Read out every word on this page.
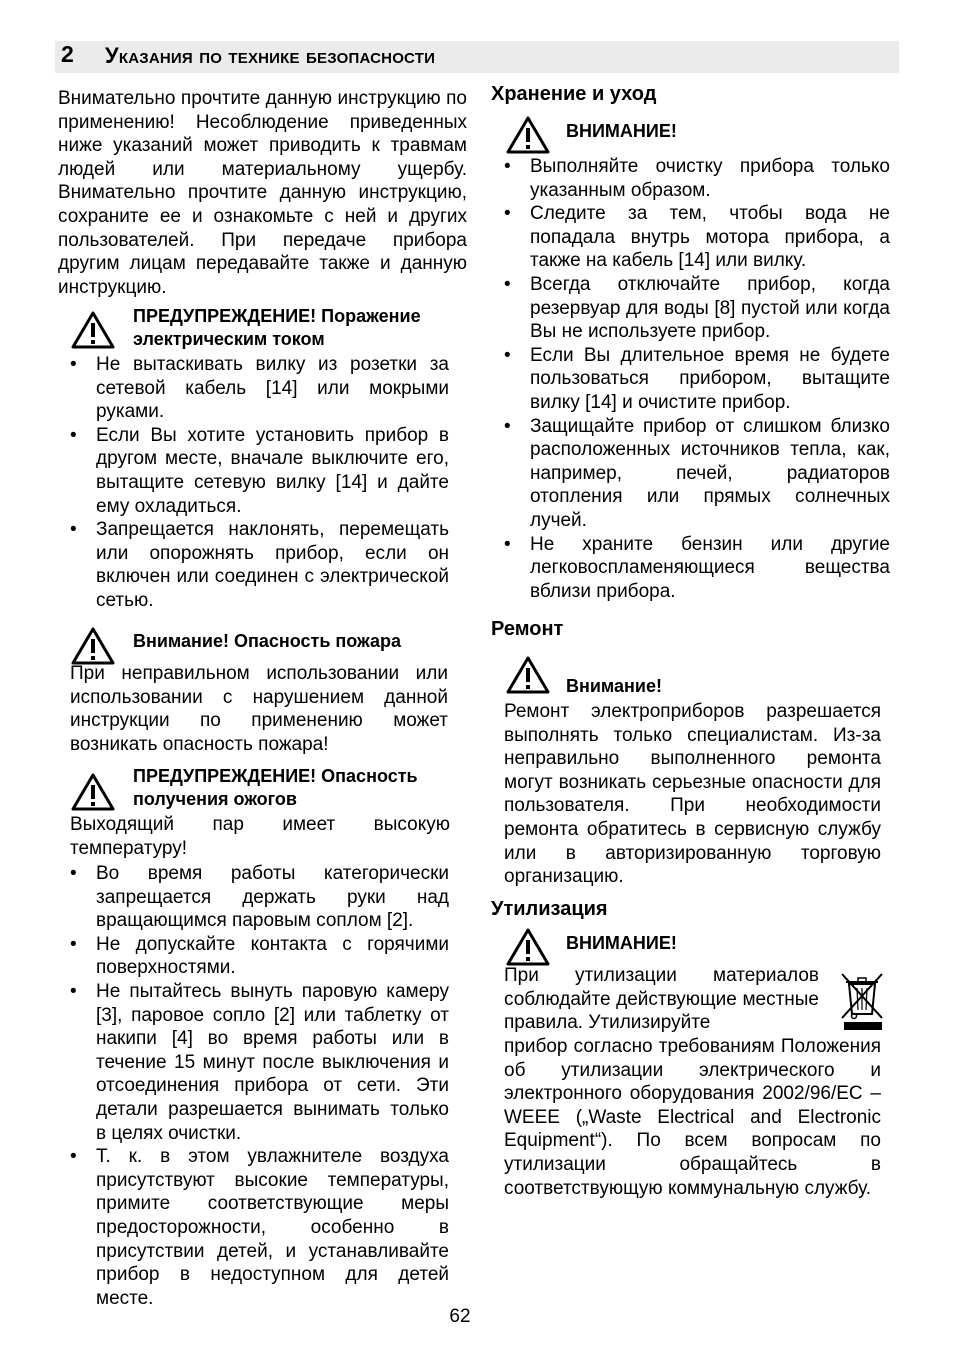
2 Указания по технике безопасности

Внимательно прочтите данную инструкцию по применению! Несоблюдение приведенных ниже указаний может приводить к травмам людей или материальному ущербу. Внимательно прочтите данную инструкцию, сохраните ее и ознакомьте с ней и других пользователей. При передаче прибора другим лицам передавайте также и данную инструкцию.

ПРЕДУПРЕЖДЕНИЕ! Поражение электрическим током
• Не вытаскивать вилку из розетки за сетевой кабель [14] или мокрыми руками.
• Если Вы хотите установить прибор в другом месте, вначале выключите его, вытащите сетевую вилку [14] и дайте ему охладиться.
• Запрещается наклонять, перемещать или опорожнять прибор, если он включен или соединен с электрической сетью.
Внимание! Опасность пожара

При неправильном использовании или использовании с нарушением данной инструкции по применению может возникать опасность пожара!

ПРЕДУПРЕЖДЕНИЕ! Опасность получения ожогов

Выходящий пар имеет высокую температуру!

• Во время работы категорически запрещается держать руки над вращающимся паровым соплом [2].
• Не допускайте контакта с горячими поверхностями.
• Не пытайтесь вынуть паровую камеру [3], паровое сопло [2] или таблетку от накипи [4] во время работы или в течение 15 минут после выключения и отсоединения прибора от сети. Эти детали разрешается вынимать только в целях очистки.
• Т. к. в этом увлажнителе воздуха присутствуют высокие температуры, примите соответствующие меры предосторожности, особенно в присутствии детей, и устанавливайте прибор в недоступном для детей месте.
Хранение и уход
ВНИМАНИЕ!
• Выполняйте очистку прибора только указанным образом.
• Следите за тем, чтобы вода не попадала внутрь мотора прибора, а также на кабель [14] или вилку.
• Всегда отключайте прибор, когда резервуар для воды [8] пустой или когда Вы не используете прибор.
• Если Вы длительное время не будете пользоваться прибором, вытащите вилку [14] и очистите прибор.
• Защищайте прибор от слишком близко расположенных источников тепла, как, например, печей, радиаторов отопления или прямых солнечных лучей.
• Не храните бензин или другие легковоспламеняющиеся вещества вблизи прибора.
Ремонт
Внимание!

Ремонт электроприборов разрешается выполнять только специалистам. Из-за неправильно выполненного ремонта могут возникать серьезные опасности для пользователя. При необходимости ремонта обратитесь в сервисную службу или в авторизированную торговую организацию.

Утилизация
ВНИМАНИЕ!

При утилизации материалов соблюдайте действующие местные правила. Утилизируйте

прибор согласно требованиям Положения об утилизации электрического и электронного оборудования 2002/96/EC – WEEE („Waste Electrical and Electronic Equipment“). По всем вопросам по утилизации обращайтесь в соответствующую коммунальную службу.

62
